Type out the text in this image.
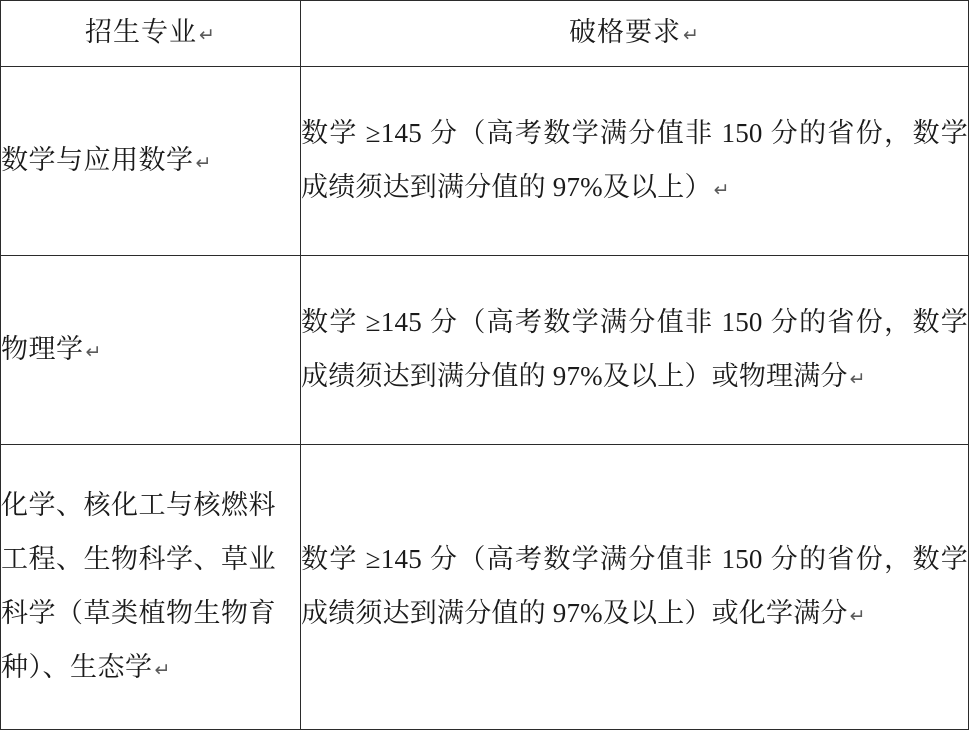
招生专业 ↵	破格要求 ↵
数学与应用数学 ↵	数学 ≥145 分（高考数学满分值非 150 分的省份，数学成绩须达到满分值的 97%及以上） ↵
物理学 ↵	数学 ≥145 分（高考数学满分值非 150 分的省份，数学成绩须达到满分值的 97%及以上）或物理满分 ↵
化学、核化工与核燃料工程、生物科学、草业科学（草类植物生物育种）、生态学 ↵	数学 ≥145 分（高考数学满分值非 150 分的省份，数学成绩须达到满分值的 97%及以上）或化学满分 ↵
